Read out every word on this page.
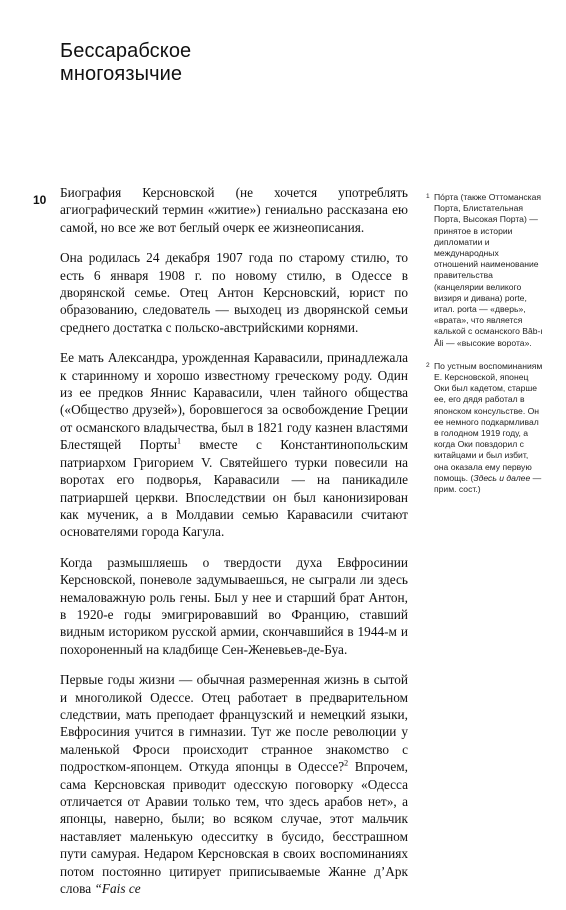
Бессарабское
многоязычие
10 Биография Керсновской (не хочется употреблять агиографический термин «житие») гениально рассказана ею самой, но все же вот беглый очерк ее жизнеописания.

Она родилась 24 декабря 1907 года по старому стилю, то есть 6 января 1908 г. по новому стилю, в Одессе в дворянской семье. Отец Антон Керсновский, юрист по образованию, следователь — выходец из дворянской семьи среднего достатка с польско-австрийскими корнями.

Ее мать Александра, урожденная Каравасили, принадлежала к старинному и хорошо известному греческому роду. Один из ее предков Яннис Каравасили, член тайного общества («Общество друзей»), боровшегося за освобождение Греции от османского владычества, был в 1821 году казнен властями Блестящей Порты$^1$ вместе с Константинопольским патриархом Григорием V. Святейшего турки повесили на воротах его подворья, Каравасили — на паникадиле патриаршей церкви. Впоследствии он был канонизирован как мученик, а в Молдавии семью Каравасили считают основателями города Кагула.

Когда размышляешь о твердости духа Евфросинии Керсновской, поневоле задумываешься, не сыграли ли здесь немаловажную роль гены. Был у нее и старший брат Антон, в 1920-е годы эмигрировавший во Францию, ставший видным историком русской армии, скончавшийся в 1944-м и похороненный на кладбище Сен-Женевьев-де-Буа.

Первые годы жизни — обычная размеренная жизнь в сытой и многоликой Одессе. Отец работает в предварительном следствии, мать преподает французский и немецкий языки, Евфросиния учится в гимназии. Тут же после революции у маленькой Фроси происходит странное знакомство с подростком-японцем. Откуда японцы в Одессе?$^2$ Впрочем, сама Керсновская приводит одесскую поговорку «Одесса отличается от Аравии только тем, что здесь арабов нет», а японцы, наверно, были; во всяком случае, этот мальчик наставляет маленькую одесситку в бусидо, бесстрашном пути самурая. Недаром Керсновская в своих воспоминаниях потом постоянно цитирует приписываемые Жанне д’Арк слова “Fais ce

1 По́рта (также Оттоманская Порта, Блистательная Порта, Высокая Порта) — принятое в истории дипломатии и международных отношений наименование правительства (канцелярии великого визиря и дивана) porte, итал. porta — «дверь», «врата», что является калькой с османского Bâb-ı Âli — «высокие ворота».
2 По устным воспоминаниям Е. Керсновской, японец Оки был кадетом, старше ее, его дядя работал в японском консульстве. Он ее немного подкармливал в голодном 1919 году, а когда Оки повздорил с китайцами и был избит, она оказала ему первую помощь. (Здесь и далее — прим. сост.)
